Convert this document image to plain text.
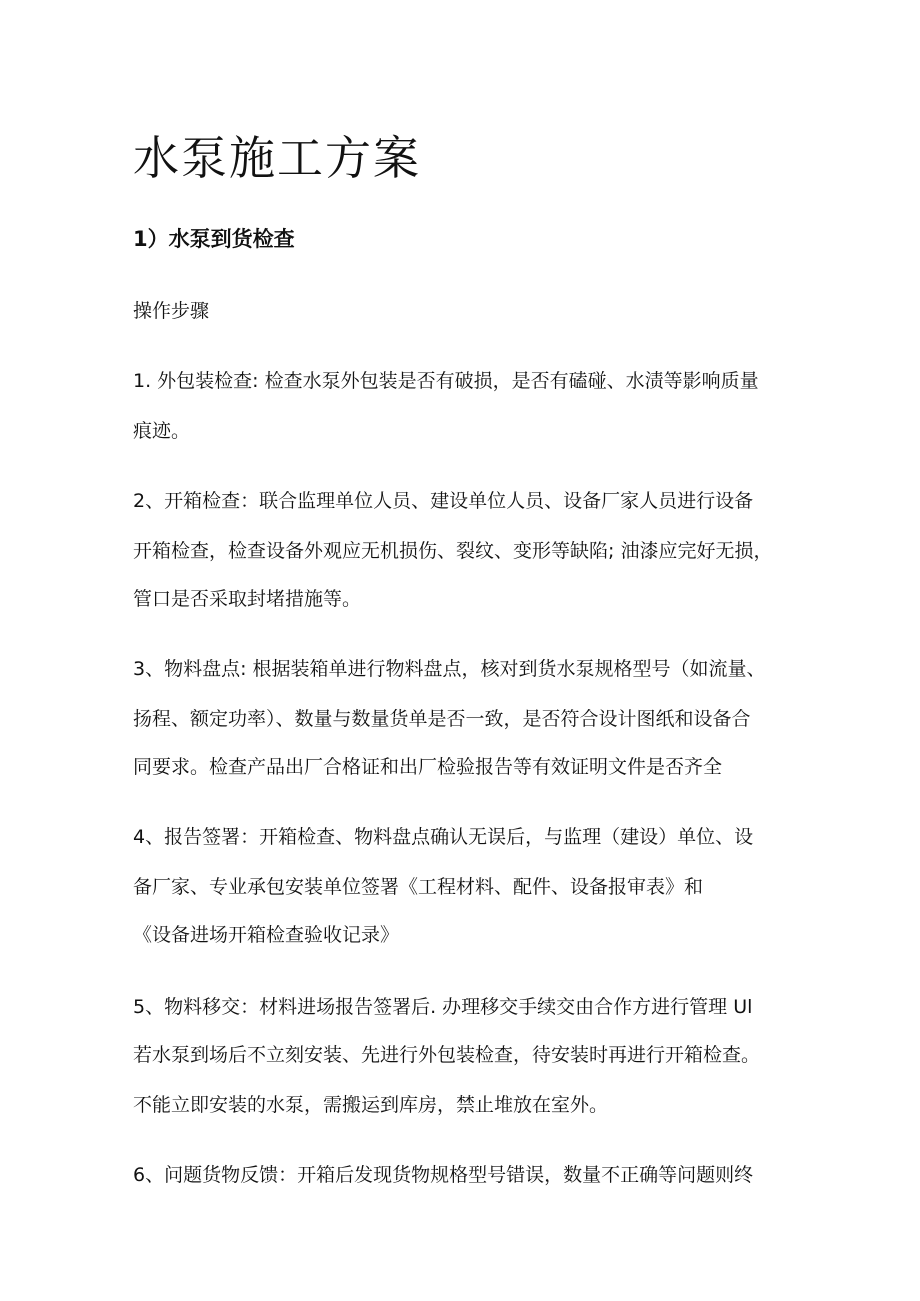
水泵施工方案
1）水泵到货检查

操作步骤

1. 外包装检查: 检查水泵外包装是否有破损，是否有磕碰、水渍等影响质量

痕迹。

2、开箱检查：联合监理单位人员、建设单位人员、设备厂家人员进行设备

开箱检查，检查设备外观应无机损伤、裂纹、变形等缺陷; 油漆应完好无损，

管口是否采取封堵措施等。

3、物料盘点: 根据装箱单进行物料盘点，核对到货水泵规格型号（如流量、

扬程、额定功率）、数量与数量货单是否一致，是否符合设计图纸和设备合

同要求。检查产品出厂合格证和出厂检验报告等有效证明文件是否齐全

4、报告签署：开箱检查、物料盘点确认无误后，与监理（建设）单位、设

备厂家、专业承包安装单位签署《工程材料、配件、设备报审表》和

《设备进场开箱检查验收记录》

5、物料移交：材料进场报告签署后. 办理移交手续交由合作方进行管理 Ul

若水泵到场后不立刻安装、先进行外包装检查，待安装时再进行开箱检查。

不能立即安装的水泵，需搬运到库房，禁止堆放在室外。

6、问题货物反馈：开箱后发现货物规格型号错误，数量不正确等问题则终
